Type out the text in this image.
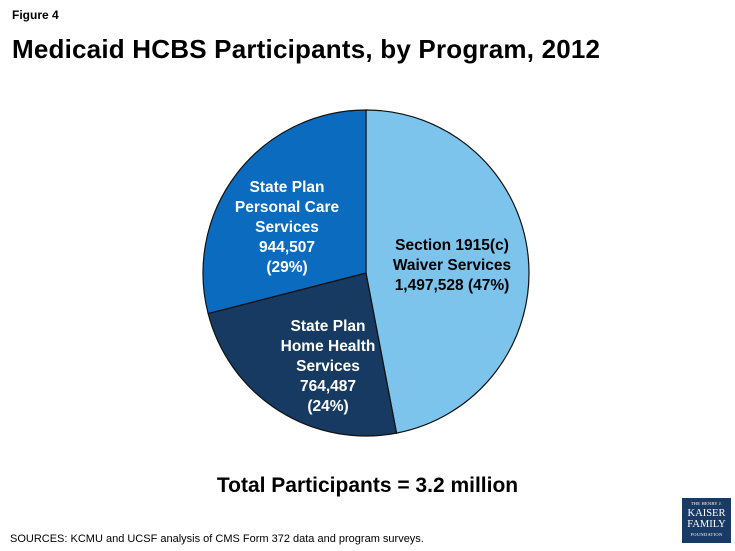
Figure 4
Medicaid HCBS Participants, by Program, 2012
Section 1915(c)
Waiver Services
1,497,528 (47%)
State Plan
Home Health
Services
764,487
(24%)
State Plan
Personal Care
Services
944,507
(29%)
Total Participants = 3.2 million
SOURCES: KCMU and UCSF analysis of CMS Form 372 data and program surveys.
THE HENRY J.
KAISER
FAMILY
FOUNDATION
